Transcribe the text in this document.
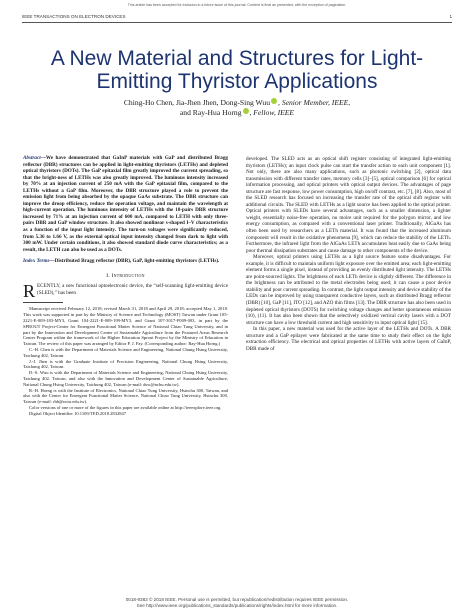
This article has been accepted for inclusion in a future issue of this journal. Content is final as presented, with the exception of pagination.
IEEE TRANSACTIONS ON ELECTRON DEVICES	1
A New Material and Structures for Light-Emitting Thyristor Applications
Ching-Ho Chen, Jia-Jhen Jhen, Dong-Sing Wuu , Senior Member, IEEE,
and Ray-Hua Horng , Fellow, IEEE
Abstract—We have demonstrated that GaInP materials with GaP and distributed Bragg reflector (DBR) structures can be applied in light-emitting thyristors (LETHs) and depleted optical thyristors (DOTs). The GaP epitaxial film greatly improved the current spreading, so that the bright-ness of LETHs was also greatly improved. The luminous intensity increased by 70% at an injection current of 250 mA with the GaP epitaxial film, compared to the LETHs without a GaP film. Moreover, the DBR structure played a role to prevent the emission light from being absorbed by the opaque GaAs substrate. The DBR structure can improve the droop efficiency, reduce the operation voltage, and maintain the wavelength at high-current operation. The luminous intensity of LETHs with the 18-pairs DBR structure increased by 71% at an injection current of 600 mA, compared to LETH with only three-pairs DBR and GaP window structure. It also showed nonlinear s-shaped I–V characteristics as a function of the input light intensity. The turn-on voltages were significantly reduced, from 5.36 to 1.66 V, as the external optical input intensity changed from dark to light with 300 mW. Under certain conditions, it also showed standard diode curve characteristics; as a result, the LETH can also be used as a DOTs.
Index Terms—Distributed Bragg reflector (DBR), GaP, light-emitting thyristors (LETHs).
I. Introduction
RECENTLY, a new functional optoelectronic device, the “self-scanning light-emitting device (SLED),” has been

Manuscript received February 12, 2018; revised March 31, 2018 and April 29, 2018; accepted May 1, 2018. This work was supported in part by the Ministry of Science and Technology (MOST) Taiwan under Grant 105-2221-E-009-183-MY3, Grant 104-2221-E-009-199-MY3, and Grant 107-3017-F009-003, in part by the SPROUT Project-Center for Emergent Functional Matter Science of National Chiao Tung University, and in part by the Innovation and Development Center of Sustainable Agriculture from the Featured Areas Research Center Program within the framework of the Higher Education Sprout Project by the Ministry of Education in Taiwan. The review of this paper was arranged by Editor P. J. Fay. (Corresponding author: Ray-Hua Horng.)

C.-H. Chen is with the Department of Materials Science and Engineering, National Chung Hsing University, Taichung 402, Taiwan.

J.-J. Jhen is with the Graduate Institute of Precision Engineering, National Chung Hsing University, Taichung 402, Taiwan.

D.-S. Wuu is with the Department of Materials Science and Engineering, National Chung Hsing University, Taichung 402, Taiwan, and also with the Innovation and Development Center of Sustainable Agriculture, National Chung Hsing University, Taichung 402, Taiwan (e-mail: dsw@nchu.edu.tw).

R.-H. Horng is with the Institute of Electronics, National Chiao Tung University, Hsinchu 300, Taiwan, and also with the Center for Emergent Functional Matter Science, National Chiao Tung University, Hsinchu 300, Taiwan (e-mail: rhh@nctu.edu.tw).

Color versions of one or more of the figures in this paper are available online at http://ieeexplore.ieee.org.

Digital Object Identifier 10.1109/TED.2018.2832847

developed. The SLED acts as an optical shift register consisting of integrated light-emitting thyristors (LETHs); an input clock pulse can start the transfer action to each unit component [1]. Not only, there are also many applications, such as photonic switching [2], optical data transmission with different transfer rates, memory cells [3]–[5], optical comparison [6] for optical information processing, and optical printers with optical output devices. The advantages of page structure are fast response, low power consumption, high on/off contrast, etc. [7], [8]. Also, most of the SLED research has focused on increasing the transfer rate of the optical shift register with additional circuits. The SLED with LETHs as a light source has been applied to the optical printer. Optical printers with SLEDs have several advantages, such as a smaller dimension, a lighter weight, essentially noise-free operation, no moire unit required for the polygon mirror, and low energy consumption, as compared with a conventional laser printer. Traditionally, AlGaAs has often been used by researchers as a LETh material. It was found that the increased aluminum component will result in the oxidative phenomena [9], which can reduce the stability of the LETh. Furthermore, the infrared light from the AlGaAs LETh accumulates heat easily due to GaAs being poor thermal dissipation substrates and cause damage to other components of the device.

Moreover, optical printers using LETHs as a light source feature some disadvantages. For example, it is difficult to maintain uniform light exposure over the emitted area; each light-emitting element forms a single pixel, instead of providing an evenly distributed light intensity. The LETHs are point-sourced lights. The brightness of each LETh device is slightly different. The difference in the brightness can be attributed to the metal electrodes being used; it can cause a poor device stability and poor current spreading. In contrast, the light output intensity and device stability of the LEDs can be improved by using transparent conductive layers, such as distributed Bragg reflector (DBR) [10], GaP [11], ITO [12], and AZO thin films [13]. The DBR structure has also been used in depleted optical thyristors (DOTS) for switching voltage changes and better spontaneous emission (10), (11). It has also been shown that the selectively oxidized vertical cavity lasers with a DOT structure can have a low threshold current and high sensitivity to input optical light [15].

In this paper, a new material was used for the active layer of the LETHs and DOTs. A DBR structure and a GaP epilayer were fabricated at the same time to study their effect on the light extraction efficiency. The electrical and optical properties of LETHs with active layers of GaInP, DBR made of

0018-9383 © 2018 IEEE. Personal use is permitted, but republication/redistribution requires IEEE permission.
See http://www.ieee.org/publications_standards/publications/rights/index.html for more information.
